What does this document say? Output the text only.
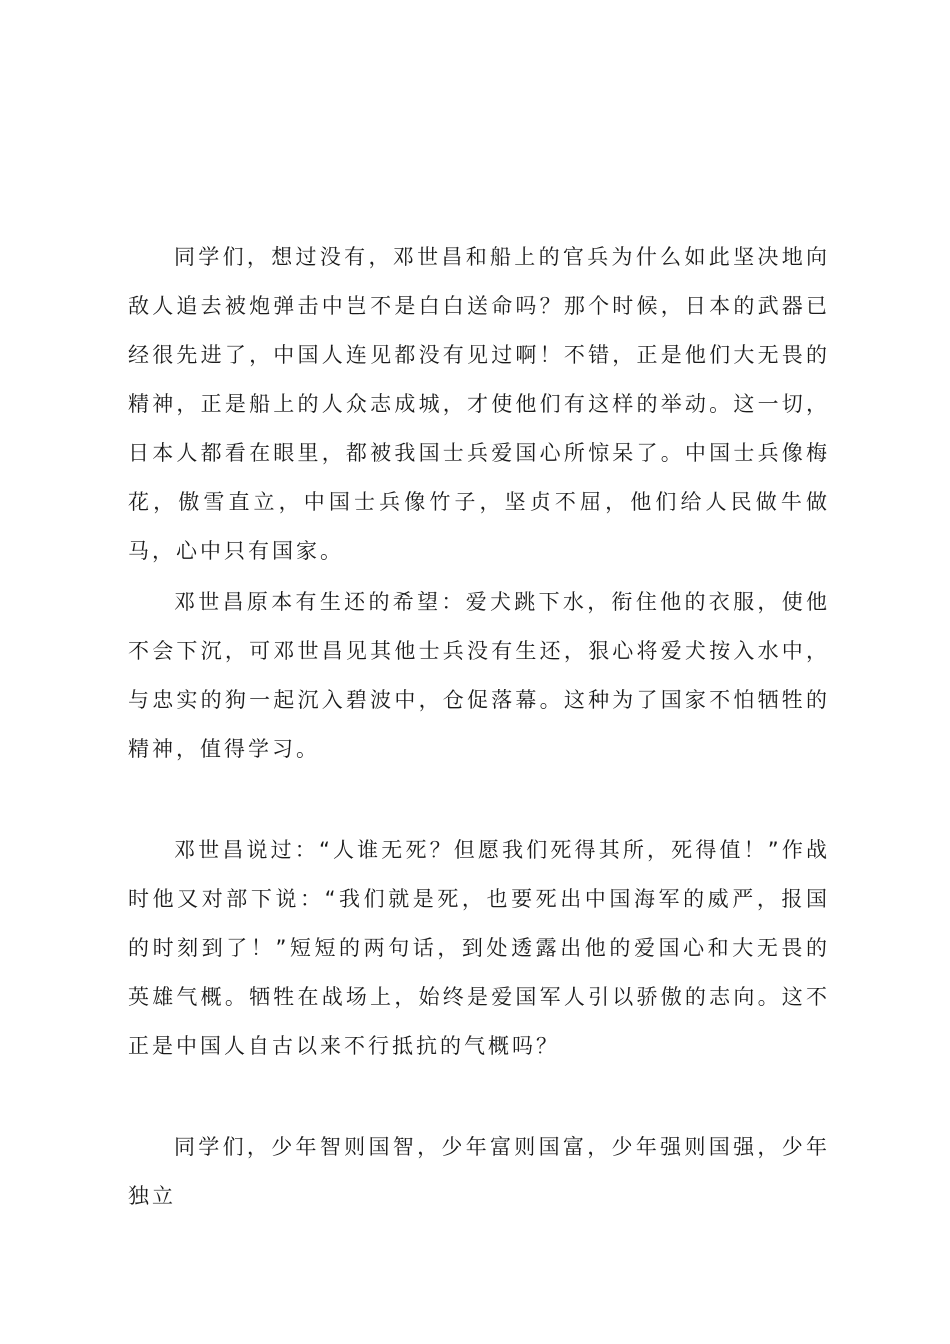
同学们，想过没有，邓世昌和船上的官兵为什么如此坚决地向敌人追去被炮弹击中岂不是白白送命吗？那个时候，日本的武器已经很先进了，中国人连见都没有见过啊！不错，正是他们大无畏的精神，正是船上的人众志成城，才使他们有这样的举动。这一切，日本人都看在眼里，都被我国士兵爱国心所惊呆了。中国士兵像梅花，傲雪直立，中国士兵像竹子，坚贞不屈，他们给人民做牛做马，心中只有国家。

邓世昌原本有生还的希望：爱犬跳下水，衔住他的衣服，使他不会下沉，可邓世昌见其他士兵没有生还，狠心将爱犬按入水中，与忠实的狗一起沉入碧波中，仓促落幕。这种为了国家不怕牺牲的精神，值得学习。

邓世昌说过：“人谁无死？但愿我们死得其所，死得值！”作战时他又对部下说：“我们就是死，也要死出中国海军的威严，报国的时刻到了！”短短的两句话，到处透露出他的爱国心和大无畏的英雄气概。牺牲在战场上，始终是爱国军人引以骄傲的志向。这不正是中国人自古以来不行抵抗的气概吗？

同学们，少年智则国智，少年富则国富，少年强则国强，少年独立
